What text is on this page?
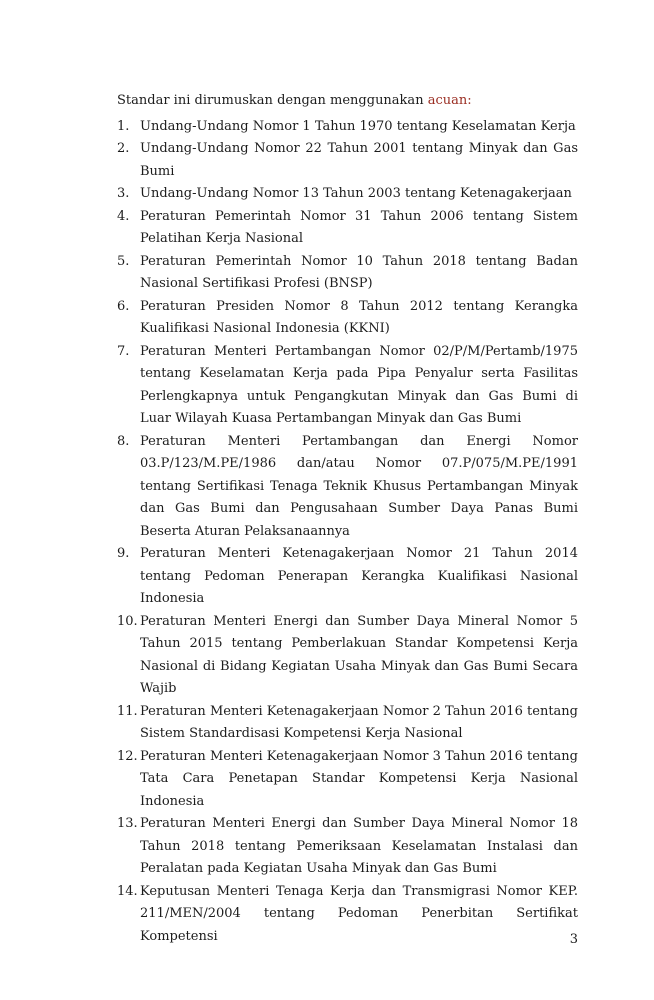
Standar ini dirumuskan dengan menggunakan acuan:

1. Undang-Undang Nomor 1 Tahun 1970 tentang Keselamatan Kerja
2. Undang-Undang Nomor 22 Tahun 2001 tentang Minyak dan Gas Bumi
3. Undang-Undang Nomor 13 Tahun 2003 tentang Ketenagakerjaan
4. Peraturan Pemerintah Nomor 31 Tahun 2006 tentang Sistem Pelatihan Kerja Nasional
5. Peraturan Pemerintah Nomor 10 Tahun 2018 tentang Badan Nasional Sertifikasi Profesi (BNSP)
6. Peraturan Presiden Nomor 8 Tahun 2012 tentang Kerangka Kualifikasi Nasional Indonesia (KKNI)
7. Peraturan Menteri Pertambangan Nomor 02/P/M/Pertamb/1975 tentang Keselamatan Kerja pada Pipa Penyalur serta Fasilitas Perlengkapnya untuk Pengangkutan Minyak dan Gas Bumi di Luar Wilayah Kuasa Pertambangan Minyak dan Gas Bumi
8. Peraturan Menteri Pertambangan dan Energi Nomor 03.P/123/M.PE/1986 dan/atau Nomor 07.P/075/M.PE/1991 tentang Sertifikasi Tenaga Teknik Khusus Pertambangan Minyak dan Gas Bumi dan Pengusahaan Sumber Daya Panas Bumi Beserta Aturan Pelaksanaannya
9. Peraturan Menteri Ketenagakerjaan Nomor 21 Tahun 2014 tentang Pedoman Penerapan Kerangka Kualifikasi Nasional Indonesia
10. Peraturan Menteri Energi dan Sumber Daya Mineral Nomor 5 Tahun 2015 tentang Pemberlakuan Standar Kompetensi Kerja Nasional di Bidang Kegiatan Usaha Minyak dan Gas Bumi Secara Wajib
11. Peraturan Menteri Ketenagakerjaan Nomor 2 Tahun 2016 tentang Sistem Standardisasi Kompetensi Kerja Nasional
12. Peraturan Menteri Ketenagakerjaan Nomor 3 Tahun 2016 tentang Tata Cara Penetapan Standar Kompetensi Kerja Nasional Indonesia
13. Peraturan Menteri Energi dan Sumber Daya Mineral Nomor 18 Tahun 2018 tentang Pemeriksaan Keselamatan Instalasi dan Peralatan pada Kegiatan Usaha Minyak dan Gas Bumi
14. Keputusan Menteri Tenaga Kerja dan Transmigrasi Nomor KEP. 211/MEN/2004 tentang Pedoman Penerbitan Sertifikat Kompetensi	3
